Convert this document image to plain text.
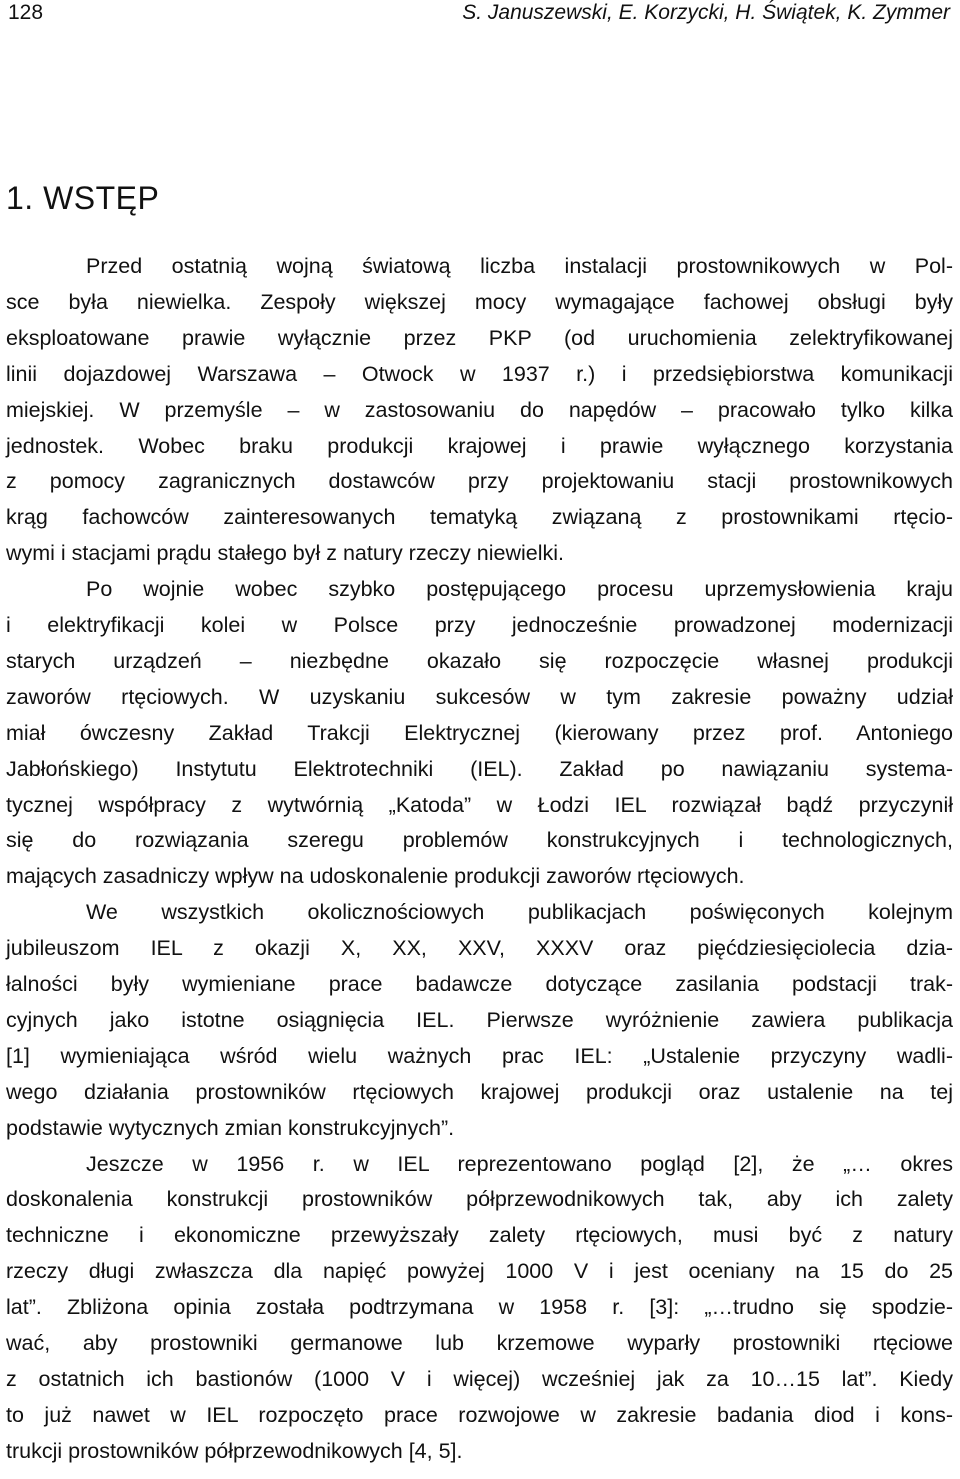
128	S. Januszewski, E. Korzycki, H. Świątek, K. Zymmer
1. WSTĘP
Przed ostatnią wojną światową liczba instalacji prostownikowych w Pol-
sce była niewielka. Zespoły większej mocy wymagające fachowej obsługi były
eksploatowane prawie wyłącznie przez PKP (od uruchomienia zelektryfikowanej
linii dojazdowej Warszawa – Otwock w 1937 r.) i przedsiębiorstwa komunikacji
miejskiej. W przemyśle – w zastosowaniu do napędów – pracowało tylko kilka
jednostek. Wobec braku produkcji krajowej i prawie wyłącznego korzystania
z pomocy zagranicznych dostawców przy projektowaniu stacji prostownikowych
krąg fachowców zainteresowanych tematyką związaną z prostownikami rtęcio-
wymi i stacjami prądu stałego był z natury rzeczy niewielki.
Po wojnie wobec szybko postępującego procesu uprzemysłowienia kraju
i elektryfikacji kolei w Polsce przy jednocześnie prowadzonej modernizacji
starych urządzeń – niezbędne okazało się rozpoczęcie własnej produkcji
zaworów rtęciowych. W uzyskaniu sukcesów w tym zakresie poważny udział
miał ówczesny Zakład Trakcji Elektrycznej (kierowany przez prof. Antoniego
Jabłońskiego) Instytutu Elektrotechniki (IEL). Zakład po nawiązaniu systema-
tycznej współpracy z wytwórnią „Katoda” w Łodzi IEL rozwiązał bądź przyczynił
się do rozwiązania szeregu problemów konstrukcyjnych i technologicznych,
mających zasadniczy wpływ na udoskonalenie produkcji zaworów rtęciowych.
We wszystkich okolicznościowych publikacjach poświęconych kolejnym
jubileuszom IEL z okazji X, XX, XXV, XXXV oraz pięćdziesięciolecia dzia-
łalności były wymieniane prace badawcze dotyczące zasilania podstacji trak-
cyjnych jako istotne osiągnięcia IEL. Pierwsze wyróżnienie zawiera publikacja
[1] wymieniająca wśród wielu ważnych prac IEL: „Ustalenie przyczyny wadli-
wego działania prostowników rtęciowych krajowej produkcji oraz ustalenie na tej
podstawie wytycznych zmian konstrukcyjnych”.
Jeszcze w 1956 r. w IEL reprezentowano pogląd [2], że „… okres
doskonalenia konstrukcji prostowników półprzewodnikowych tak, aby ich zalety
techniczne i ekonomiczne przewyższały zalety rtęciowych, musi być z natury
rzeczy długi zwłaszcza dla napięć powyżej 1000 V i jest oceniany na 15 do 25
lat”. Zbliżona opinia została podtrzymana w 1958 r. [3]: „…trudno się spodzie-
wać, aby prostowniki germanowe lub krzemowe wyparły prostowniki rtęciowe
z ostatnich ich bastionów (1000 V i więcej) wcześniej jak za 10…15 lat”. Kiedy
to już nawet w IEL rozpoczęto prace rozwojowe w zakresie badania diod i kons-
trukcji prostowników półprzewodnikowych [4, 5].
